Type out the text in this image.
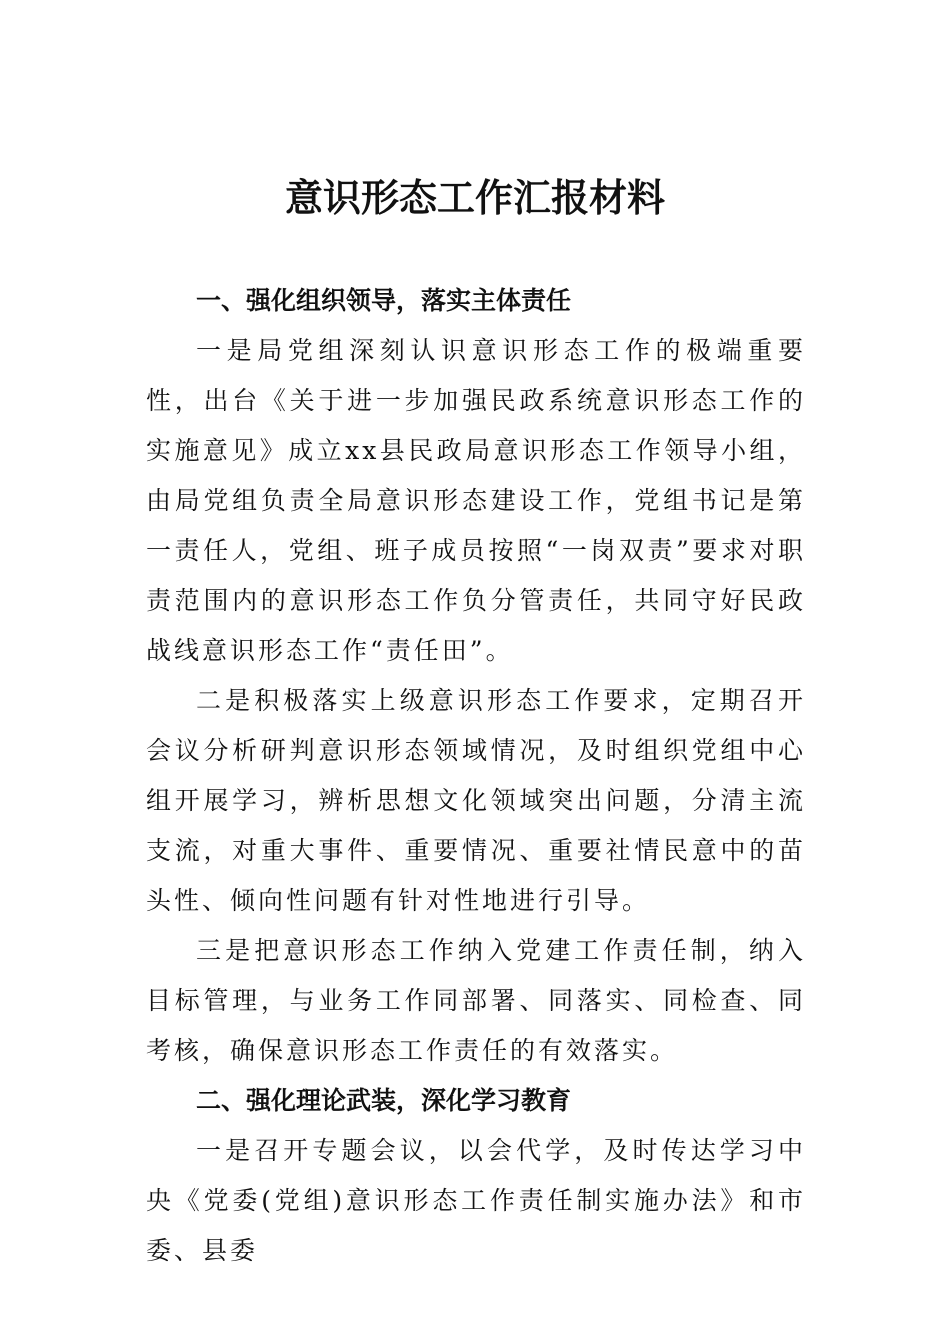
意识形态工作汇报材料

一、强化组织领导，落实主体责任

一是局党组深刻认识意识形态工作的极端重要性，出台《关于进一步加强民政系统意识形态工作的实施意见》成立xx县民政局意识形态工作领导小组，由局党组负责全局意识形态建设工作，党组书记是第一责任人，党组、班子成员按照“一岗双责”要求对职责范围内的意识形态工作负分管责任，共同守好民政战线意识形态工作“责任田”。

二是积极落实上级意识形态工作要求，定期召开会议分析研判意识形态领域情况，及时组织党组中心组开展学习，辨析思想文化领域突出问题，分清主流支流，对重大事件、重要情况、重要社情民意中的苗头性、倾向性问题有针对性地进行引导。

三是把意识形态工作纳入党建工作责任制，纳入目标管理，与业务工作同部署、同落实、同检查、同考核，确保意识形态工作责任的有效落实。

二、强化理论武装，深化学习教育

一是召开专题会议，以会代学，及时传达学习中央《党委(党组)意识形态工作责任制实施办法》和市委、县委
